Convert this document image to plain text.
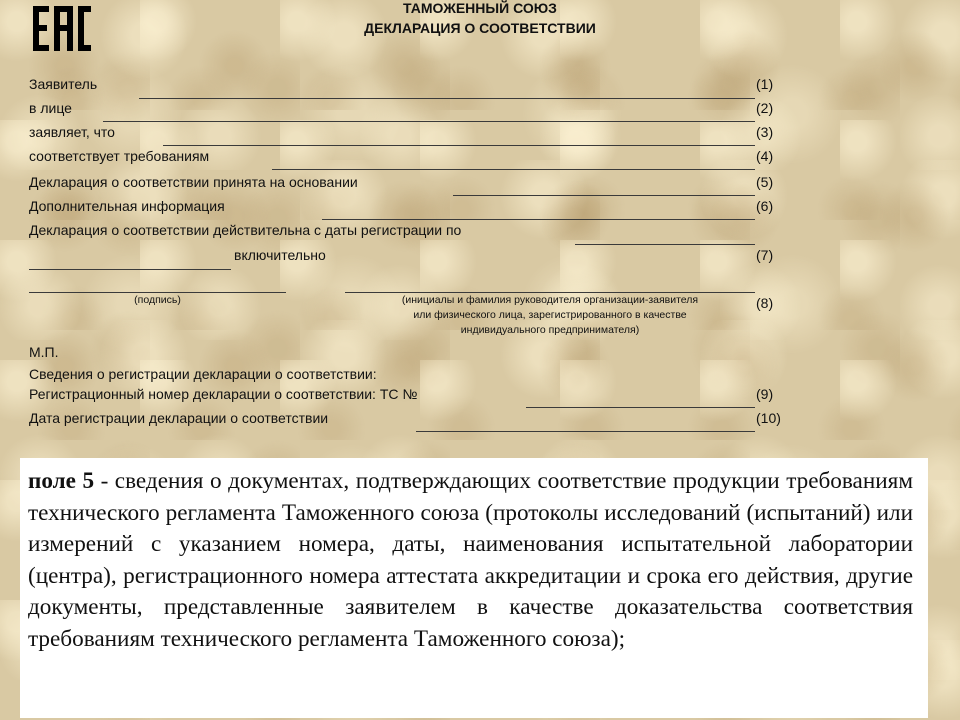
ТАМОЖЕННЫЙ СОЮЗ
ДЕКЛАРАЦИЯ О СООТВЕТСТВИИ
Заявитель	(1)
в лице	(2)
заявляет, что	(3)
соответствует требованиям	(4)
Декларация о соответствии принята на основании	(5)
Дополнительная информация	(6)
Декларация о соответствии действительна с даты регистрации по
включительно	(7)
(подпись)	(инициалы и фамилия руководителя организации-заявителя
или физического лица, зарегистрированного в качестве
индивидуального предпринимателя)
(8)
М.П.
Сведения о регистрации декларации о соответствии:
Регистрационный номер декларации о соответствии: ТС №	(9)
Дата регистрации декларации о соответствии	(10)

поле 5 - сведения о документах, подтверждающих соответствие продукции требованиям технического регламента Таможенного союза (протоколы исследований (испытаний) или измерений с указанием номера, даты, наименования испытательной лаборатории (центра), регистрационного номера аттестата аккредитации и срока его действия, другие документы, представленные заявителем в качестве доказательства соответствия требованиям технического регламента Таможенного союза);
